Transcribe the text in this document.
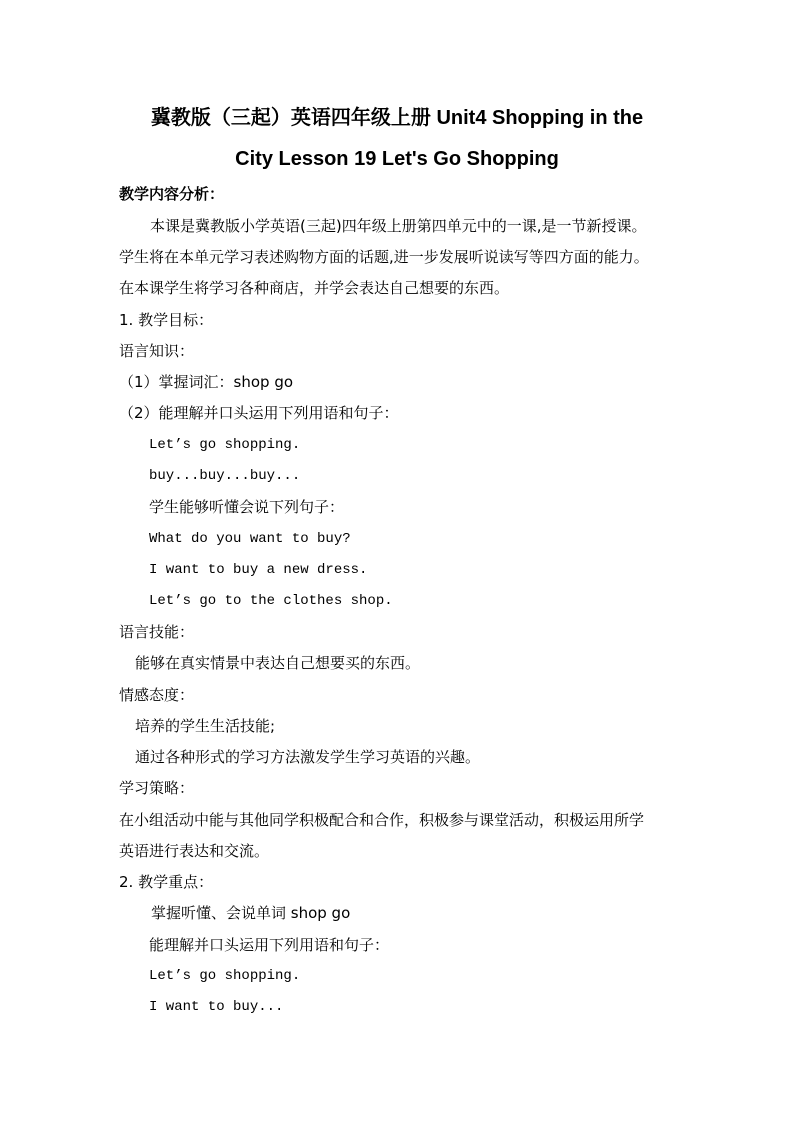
冀教版（三起）英语四年级上册 Unit4 Shopping in the
City Lesson 19 Let's Go Shopping
教学内容分析：
本课是冀教版小学英语(三起)四年级上册第四单元中的一课,是一节新授课。
学生将在本单元学习表述购物方面的话题,进一步发展听说读写等四方面的能力。
在本课学生将学习各种商店，并学会表达自己想要的东西。
1. 教学目标：
语言知识：
（1）掌握词汇：shop go
（2）能理解并口头运用下列用语和句子：
Let’s go shopping.
buy...buy...buy...
学生能够听懂会说下列句子：
What do you want to buy?
I want to buy a new dress.
Let’s go to the clothes shop.
语言技能：
能够在真实情景中表达自己想要买的东西。
情感态度：
培养的学生生活技能;
通过各种形式的学习方法激发学生学习英语的兴趣。
学习策略：
在小组活动中能与其他同学积极配合和合作，积极参与课堂活动，积极运用所学
英语进行表达和交流。
2. 教学重点：
掌握听懂、会说单词 shop go
能理解并口头运用下列用语和句子：
Let’s go shopping.
I want to buy...
